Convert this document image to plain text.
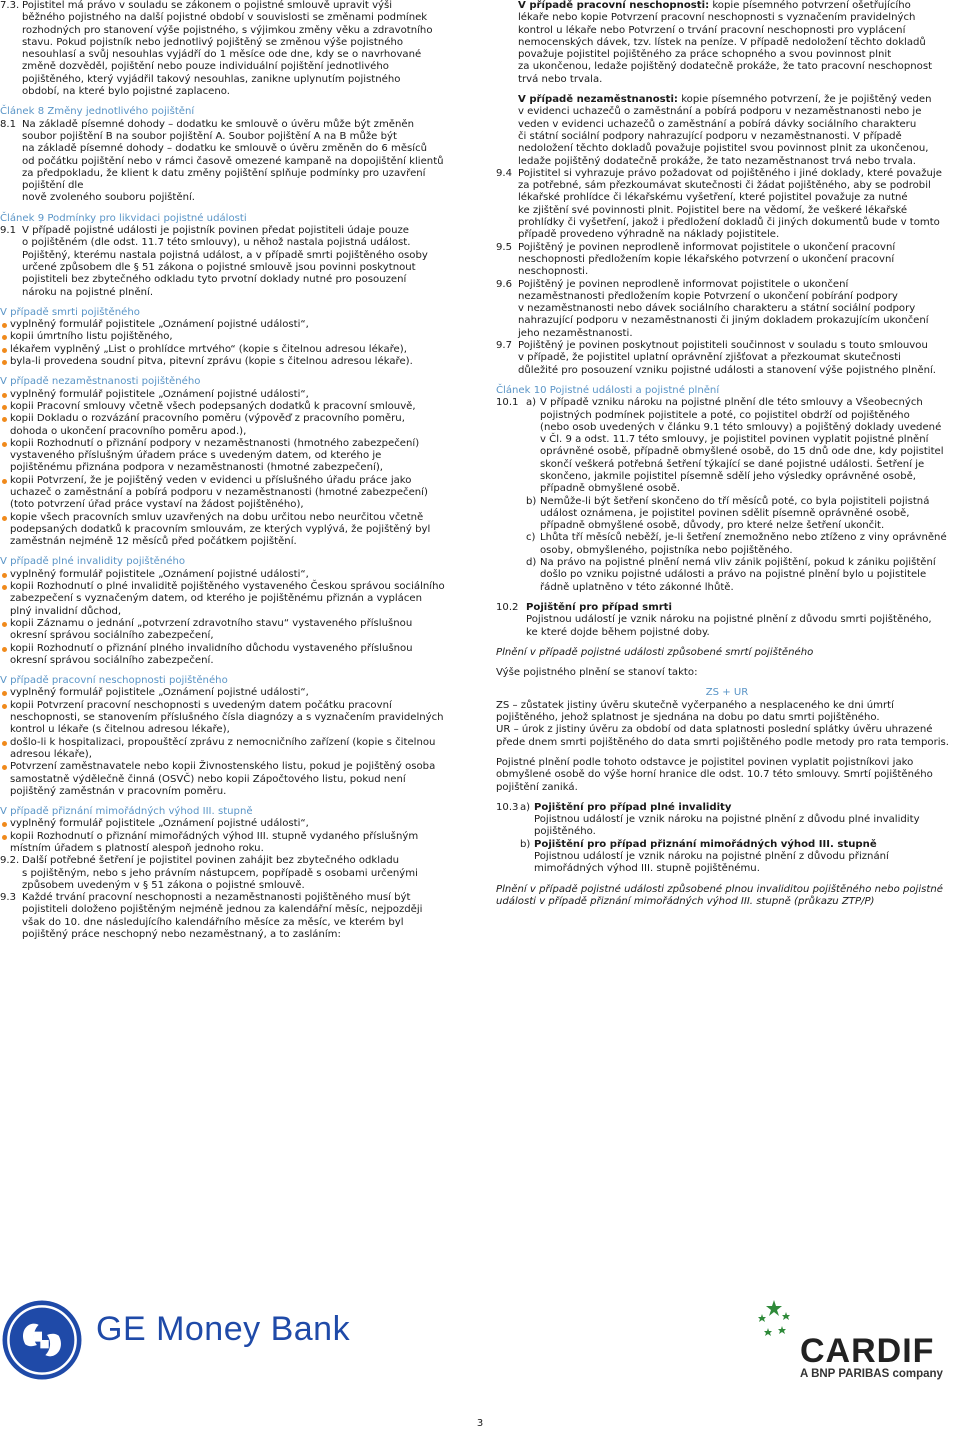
7.3. Pojistitel má právo v souladu se zákonem o pojistné smlouvě upravit výši

běžného pojistného na další pojistné období v souvislosti se změnami podmínek

rozhodných pro stanovení výše pojistného, s výjimkou změny věku a zdravotního

stavu. Pokud pojistník nebo jednotlivý pojištěný se změnou výše pojistného

nesouhlasí a svůj nesouhlas vyjádří do 1 měsíce ode dne, kdy se o navrhované

změně dozvěděl, pojištění nebo pouze individuální pojištění jednotlivého

pojištěného, který vyjádřil takový nesouhlas, zanikne uplynutím pojistného

období, na které bylo pojistné zaplaceno.

Článek 8 Změny jednotlivého pojištění

8.1 Na základě písemné dohody – dodatku ke smlouvě o úvěru může být změněn

soubor pojištění B na soubor pojištění A. Soubor pojištění A na B může být

na základě písemné dohody – dodatku ke smlouvě o úvěru změněn do 6 měsíců

od počátku pojištění nebo v rámci časově omezené kampaně na dopojištění klientů

za předpokladu, že klient k datu změny pojištění splňuje podmínky pro uzavření pojištění dle

nově zvoleného souboru pojištění.

Článek 9 Podmínky pro likvidaci pojistné události

9.1 V případě pojistné události je pojistník povinen předat pojistiteli údaje pouze

o pojištěném (dle odst. 11.7 této smlouvy), u něhož nastala pojistná událost.

Pojištěný, kterému nastala pojistná událost, a v případě smrti pojištěného osoby

určené způsobem dle § 51 zákona o pojistné smlouvě jsou povinni poskytnout

pojistiteli bez zbytečného odkladu tyto prvotní doklady nutné pro posouzení

nároku na pojistné plnění.

V případě smrti pojištěného

vyplněný formulář pojistitele „Oznámení pojistné události“,

kopii úmrtního listu pojištěného,

lékařem vyplněný „List o prohlídce mrtvého“ (kopie s čitelnou adresou lékaře),

byla-li provedena soudní pitva, pitevní zprávu (kopie s čitelnou adresou lékaře).

V případě nezaměstnanosti pojištěného

vyplněný formulář pojistitele „Oznámení pojistné události“,

kopii Pracovní smlouvy včetně všech podepsaných dodatků k pracovní smlouvě,

kopii Dokladu o rozvázání pracovního poměru (výpověď z pracovního poměru,

dohoda o ukončení pracovního poměru apod.),

kopii Rozhodnutí o přiznání podpory v nezaměstnanosti (hmotného zabezpečení)

vystaveného příslušným úřadem práce s uvedeným datem, od kterého je

pojištěnému přiznána podpora v nezaměstnanosti (hmotné zabezpečení),

kopii Potvrzení, že je pojištěný veden v evidenci u příslušného úřadu práce jako

uchazeč o zaměstnání a pobírá podporu v nezaměstnanosti (hmotné zabezpečení)

(toto potvrzení úřad práce vystaví na žádost pojištěného),

kopie všech pracovních smluv uzavřených na dobu určitou nebo neurčitou včetně

podepsaných dodatků k pracovním smlouvám, ze kterých vyplývá, že pojištěný byl

zaměstnán nejméně 12 měsíců před počátkem pojištění.

V případě plné invalidity pojištěného

vyplněný formulář pojistitele „Oznámení pojistné události“,

kopii Rozhodnutí o plné invaliditě pojištěného vystaveného Českou správou sociálního

zabezpečení s vyznačeným datem, od kterého je pojištěnému přiznán a vyplácen

plný invalidní důchod,

kopii Záznamu o jednání „potvrzení zdravotního stavu“ vystaveného příslušnou

okresní správou sociálního zabezpečení,

kopii Rozhodnutí o přiznání plného invalidního důchodu vystaveného příslušnou

okresní správou sociálního zabezpečení.

V případě pracovní neschopnosti pojištěného

vyplněný formulář pojistitele „Oznámení pojistné události“,

kopii Potvrzení pracovní neschopnosti s uvedeným datem počátku pracovní

neschopnosti, se stanovením příslušného čísla diagnózy a s vyznačením pravidelných

kontrol u lékaře (s čitelnou adresou lékaře),

došlo-li k hospitalizaci, propouštěcí zprávu z nemocničního zařízení (kopie s čitelnou

adresou lékaře),

Potvrzení zaměstnavatele nebo kopii Živnostenského listu, pokud je pojištěný osoba

samostatně výdělečně činná (OSVČ) nebo kopii Zápočtového listu, pokud není

pojištěný zaměstnán v pracovním poměru.

V případě přiznání mimořádných výhod III. stupně

vyplněný formulář pojistitele „Oznámení pojistné události“,

kopii Rozhodnutí o přiznání mimořádných výhod III. stupně vydaného příslušným

místním úřadem s platností alespoň jednoho roku.

9.2. Další potřebné šetření je pojistitel povinen zahájit bez zbytečného odkladu

s pojištěným, nebo s jeho právním nástupcem, popřípadě s osobami určenými

způsobem uvedeným v § 51 zákona o pojistné smlouvě.

9.3 Každé trvání pracovní neschopnosti a nezaměstnanosti pojištěného musí být

pojistiteli doloženo pojištěným nejméně jednou za kalendářní měsíc, nejpozději

však do 10. dne následujícího kalendářního měsíce za měsíc, ve kterém byl

pojištěný práce neschopný nebo nezaměstnaný, a to zasláním:

V případě pracovní neschopnosti: kopie písemného potvrzení ošetřujícího

lékaře nebo kopie Potvrzení pracovní neschopnosti s vyznačením pravidelných

kontrol u lékaře nebo Potvrzení o trvání pracovní neschopnosti pro vyplácení

nemocenských dávek, tzv. lístek na peníze. V případě nedoložení těchto dokladů

považuje pojistitel pojištěného za práce schopného a svou povinnost plnit

za ukončenou, ledaže pojištěný dodatečně prokáže, že tato pracovní neschopnost

trvá nebo trvala.

V případě nezaměstnanosti: kopie písemného potvrzení, že je pojištěný veden

v evidenci uchazečů o zaměstnání a pobírá podporu v nezaměstnanosti nebo je

veden v evidenci uchazečů o zaměstnání a pobírá dávky sociálního charakteru

či státní sociální podpory nahrazující podporu v nezaměstnanosti. V případě

nedoložení těchto dokladů považuje pojistitel svou povinnost plnit za ukončenou,

ledaže pojištěný dodatečně prokáže, že tato nezaměstnanost trvá nebo trvala.

9.4 Pojistitel si vyhrazuje právo požadovat od pojištěného i jiné doklady, které považuje

za potřebné, sám přezkoumávat skutečnosti či žádat pojištěného, aby se podrobil

lékařské prohlídce či lékařskému vyšetření, které pojistitel považuje za nutné

ke zjištění své povinnosti plnit. Pojistitel bere na vědomí, že veškeré lékařské

prohlídky či vyšetření, jakož i předložení dokladů či jiných dokumentů bude v tomto

případě provedeno výhradně na náklady pojistitele.

9.5 Pojištěný je povinen neprodleně informovat pojistitele o ukončení pracovní

neschopnosti předložením kopie lékařského potvrzení o ukončení pracovní

neschopnosti.

9.6 Pojištěný je povinen neprodleně informovat pojistitele o ukončení

nezaměstnanosti předložením kopie Potvrzení o ukončení pobírání podpory

v nezaměstnanosti nebo dávek sociálního charakteru a státní sociální podpory

nahrazující podporu v nezaměstnanosti či jiným dokladem prokazujícím ukončení

jeho nezaměstnanosti.

9.7 Pojištěný je povinen poskytnout pojistiteli součinnost v souladu s touto smlouvou

v případě, že pojistitel uplatní oprávnění zjišťovat a přezkoumat skutečnosti

důležité pro posouzení vzniku pojistné události a stanovení výše pojistného plnění.

Článek 10 Pojistné události a pojistné plnění

10.1 a) V případě vzniku nároku na pojistné plnění dle této smlouvy a Všeobecných

pojistných podmínek pojistitele a poté, co pojistitel obdrží od pojištěného

(nebo osob uvedených v článku 9.1 této smlouvy) a pojištěný doklady uvedené

v Čl. 9 a odst. 11.7 této smlouvy, je pojistitel povinen vyplatit pojistné plnění

oprávněné osobě, případně obmyšlené osobě, do 15 dnů ode dne, kdy pojistitel

skončí veškerá potřebná šetření týkající se dané pojistné události. Šetření je

skončeno, jakmile pojistitel písemně sdělí jeho výsledky oprávněné osobě,

případně obmyšlené osobě.

b) Nemůže-li být šetření skončeno do tří měsíců poté, co byla pojistiteli pojistná

událost oznámena, je pojistitel povinen sdělit písemně oprávněné osobě,

případně obmyšlené osobě, důvody, pro které nelze šetření ukončit.

c) Lhůta tří měsíců neběží, je-li šetření znemožněno nebo ztíženo z viny oprávněné

osoby, obmyšleného, pojistníka nebo pojištěného.

d) Na právo na pojistné plnění nemá vliv zánik pojištění, pokud k zániku pojištění

došlo po vzniku pojistné události a právo na pojistné plnění bylo u pojistitele

řádně uplatněno v této zákonné lhůtě.

10.2 Pojištění pro případ smrti

Pojistnou událostí je vznik nároku na pojistné plnění z důvodu smrti pojištěného,

ke které dojde během pojistné doby.

Plnění v případě pojistné události způsobené smrtí pojištěného

Výše pojistného plnění se stanoví takto:

ZS + UR

ZS – zůstatek jistiny úvěru skutečně vyčerpaného a nesplaceného ke dni úmrtí

pojištěného, jehož splatnost je sjednána na dobu po datu smrti pojištěného.

UR – úrok z jistiny úvěru za období od data splatnosti poslední splátky úvěru uhrazené

přede dnem smrti pojištěného do data smrti pojištěného podle metody pro rata temporis.

Pojistné plnění podle tohoto odstavce je pojistitel povinen vyplatit pojistníkovi jako

obmyšlené osobě do výše horní hranice dle odst. 10.7 této smlouvy. Smrtí pojištěného

pojištění zaniká.

10.3 a) Pojištění pro případ plné invalidity

Pojistnou událostí je vznik nároku na pojistné plnění z důvodu plné invalidity

pojištěného.

b) Pojištění pro případ přiznání mimořádných výhod III. stupně

Pojistnou událostí je vznik nároku na pojistné plnění z důvodu přiznání

mimořádných výhod III. stupně pojištěnému.

Plnění v případě pojistné události způsobené plnou invaliditou pojištěného nebo pojistné

události v případě přiznání mimořádných výhod III. stupně (průkazu ZTP/P)

GE Money Bank
CARDIF
A BNP PARIBAS company
3
